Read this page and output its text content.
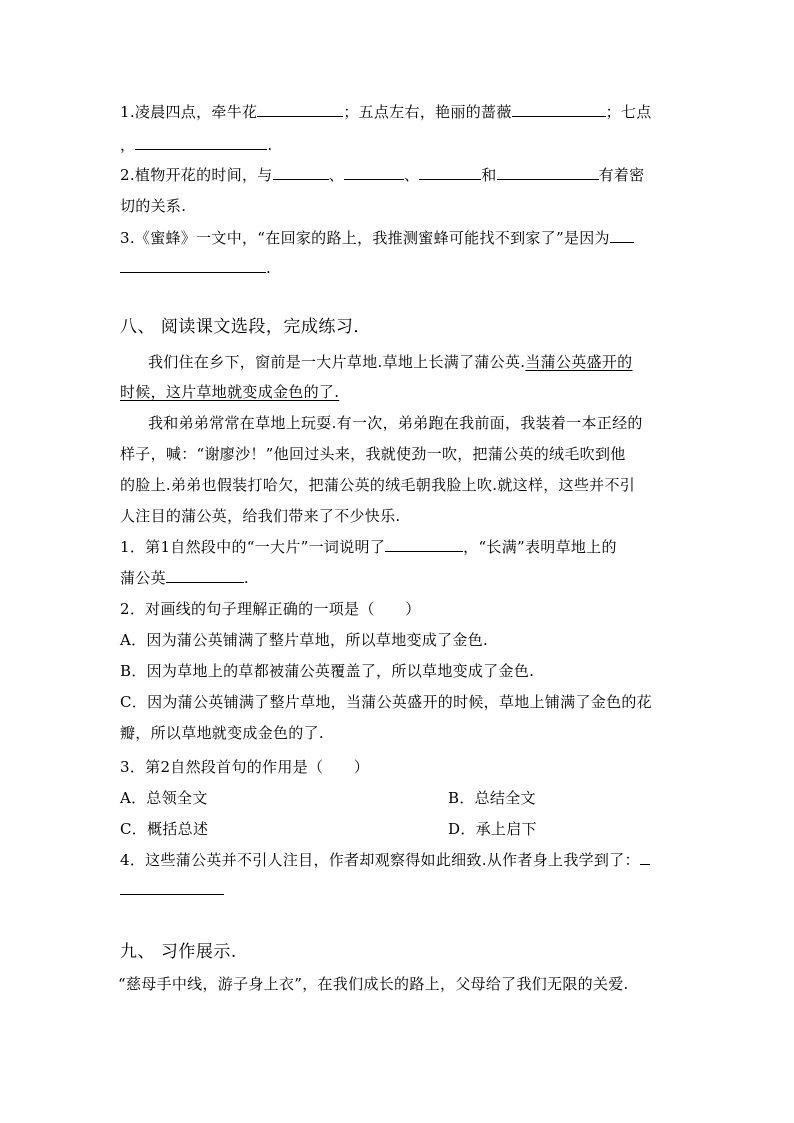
1.凌晨四点，牵牛花	；五点左右，艳丽的蔷薇	；七点
，	.
2.植物开花的时间，与	、	、	和	有着密
切的关系.
3.《蜜蜂》一文中，“在回家的路上，我推测蜜蜂可能找不到家了”是因为
.
八、 阅读课文选段，完成练习．
我们住在乡下，窗前是一大片草地.草地上长满了蒲公英.当蒲公英盛开的
时候，这片草地就变成金色的了.
我和弟弟常常在草地上玩耍.有一次，弟弟跑在我前面，我装着一本正经的
样子，喊：“谢廖沙！”他回过头来，我就使劲一吹，把蒲公英的绒毛吹到他
的脸上.弟弟也假装打哈欠，把蒲公英的绒毛朝我脸上吹.就这样，这些并不引
人注目的蒲公英，给我们带来了不少快乐.
1．第1自然段中的“一大片”一词说明了	，“长满”表明草地上的
蒲公英	.
2．对画线的句子理解正确的一项是（　　）
A．因为蒲公英铺满了整片草地，所以草地变成了金色.
B．因为草地上的草都被蒲公英覆盖了，所以草地变成了金色.
C．因为蒲公英铺满了整片草地，当蒲公英盛开的时候，草地上铺满了金色的花
瓣，所以草地就变成金色的了.
3．第2自然段首句的作用是（　　）
A．总领全文	B．总结全文
C．概括总述	D．承上启下
4．这些蒲公英并不引人注目，作者却观察得如此细致.从作者身上我学到了：
九、 习作展示.
“慈母手中线，游子身上衣”，在我们成长的路上，父母给了我们无限的关爱.
